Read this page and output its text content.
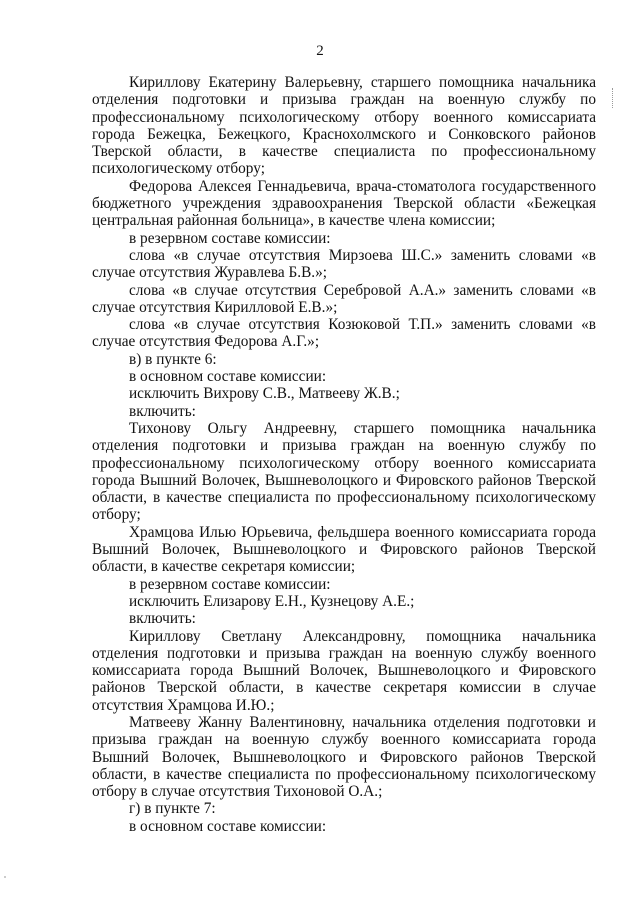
2

Кириллову Екатерину Валерьевну, старшего помощника начальника отделения подготовки и призыва граждан на военную службу по профессиональному психологическому отбору военного комиссариата города Бежецка, Бежецкого, Краснохолмского и Сонковского районов Тверской области, в качестве специалиста по профессиональному психологическому отбору;

Федорова Алексея Геннадьевича, врача-стоматолога государственного бюджетного учреждения здравоохранения Тверской области «Бежецкая центральная районная больница», в качестве члена комиссии;

в резервном составе комиссии:

слова «в случае отсутствия Мирзоева Ш.С.» заменить словами «в случае отсутствия Журавлева Б.В.»;

слова «в случае отсутствия Серебровой А.А.» заменить словами «в случае отсутствия Кирилловой Е.В.»;

слова «в случае отсутствия Козюковой Т.П.» заменить словами «в случае отсутствия Федорова А.Г.»;

в) в пункте 6:

в основном составе комиссии:

исключить Вихрову С.В., Матвееву Ж.В.;

включить:

Тихонову Ольгу Андреевну, старшего помощника начальника отделения подготовки и призыва граждан на военную службу по профессиональному психологическому отбору военного комиссариата города Вышний Волочек, Вышневолоцкого и Фировского районов Тверской области, в качестве специалиста по профессиональному психологическому отбору;

Храмцова Илью Юрьевича, фельдшера военного комиссариата города Вышний Волочек, Вышневолоцкого и Фировского районов Тверской области, в качестве секретаря комиссии;

в резервном составе комиссии:

исключить Елизарову Е.Н., Кузнецову А.Е.;

включить:

Кириллову Светлану Александровну, помощника начальника отделения подготовки и призыва граждан на военную службу военного комиссариата города Вышний Волочек, Вышневолоцкого и Фировского районов Тверской области, в качестве секретаря комиссии в случае отсутствия Храмцова И.Ю.;

Матвееву Жанну Валентиновну, начальника отделения подготовки и призыва граждан на военную службу военного комиссариата города Вышний Волочек, Вышневолоцкого и Фировского районов Тверской области, в качестве специалиста по профессиональному психологическому отбору в случае отсутствия Тихоновой О.А.;

г) в пункте 7:

в основном составе комиссии:
